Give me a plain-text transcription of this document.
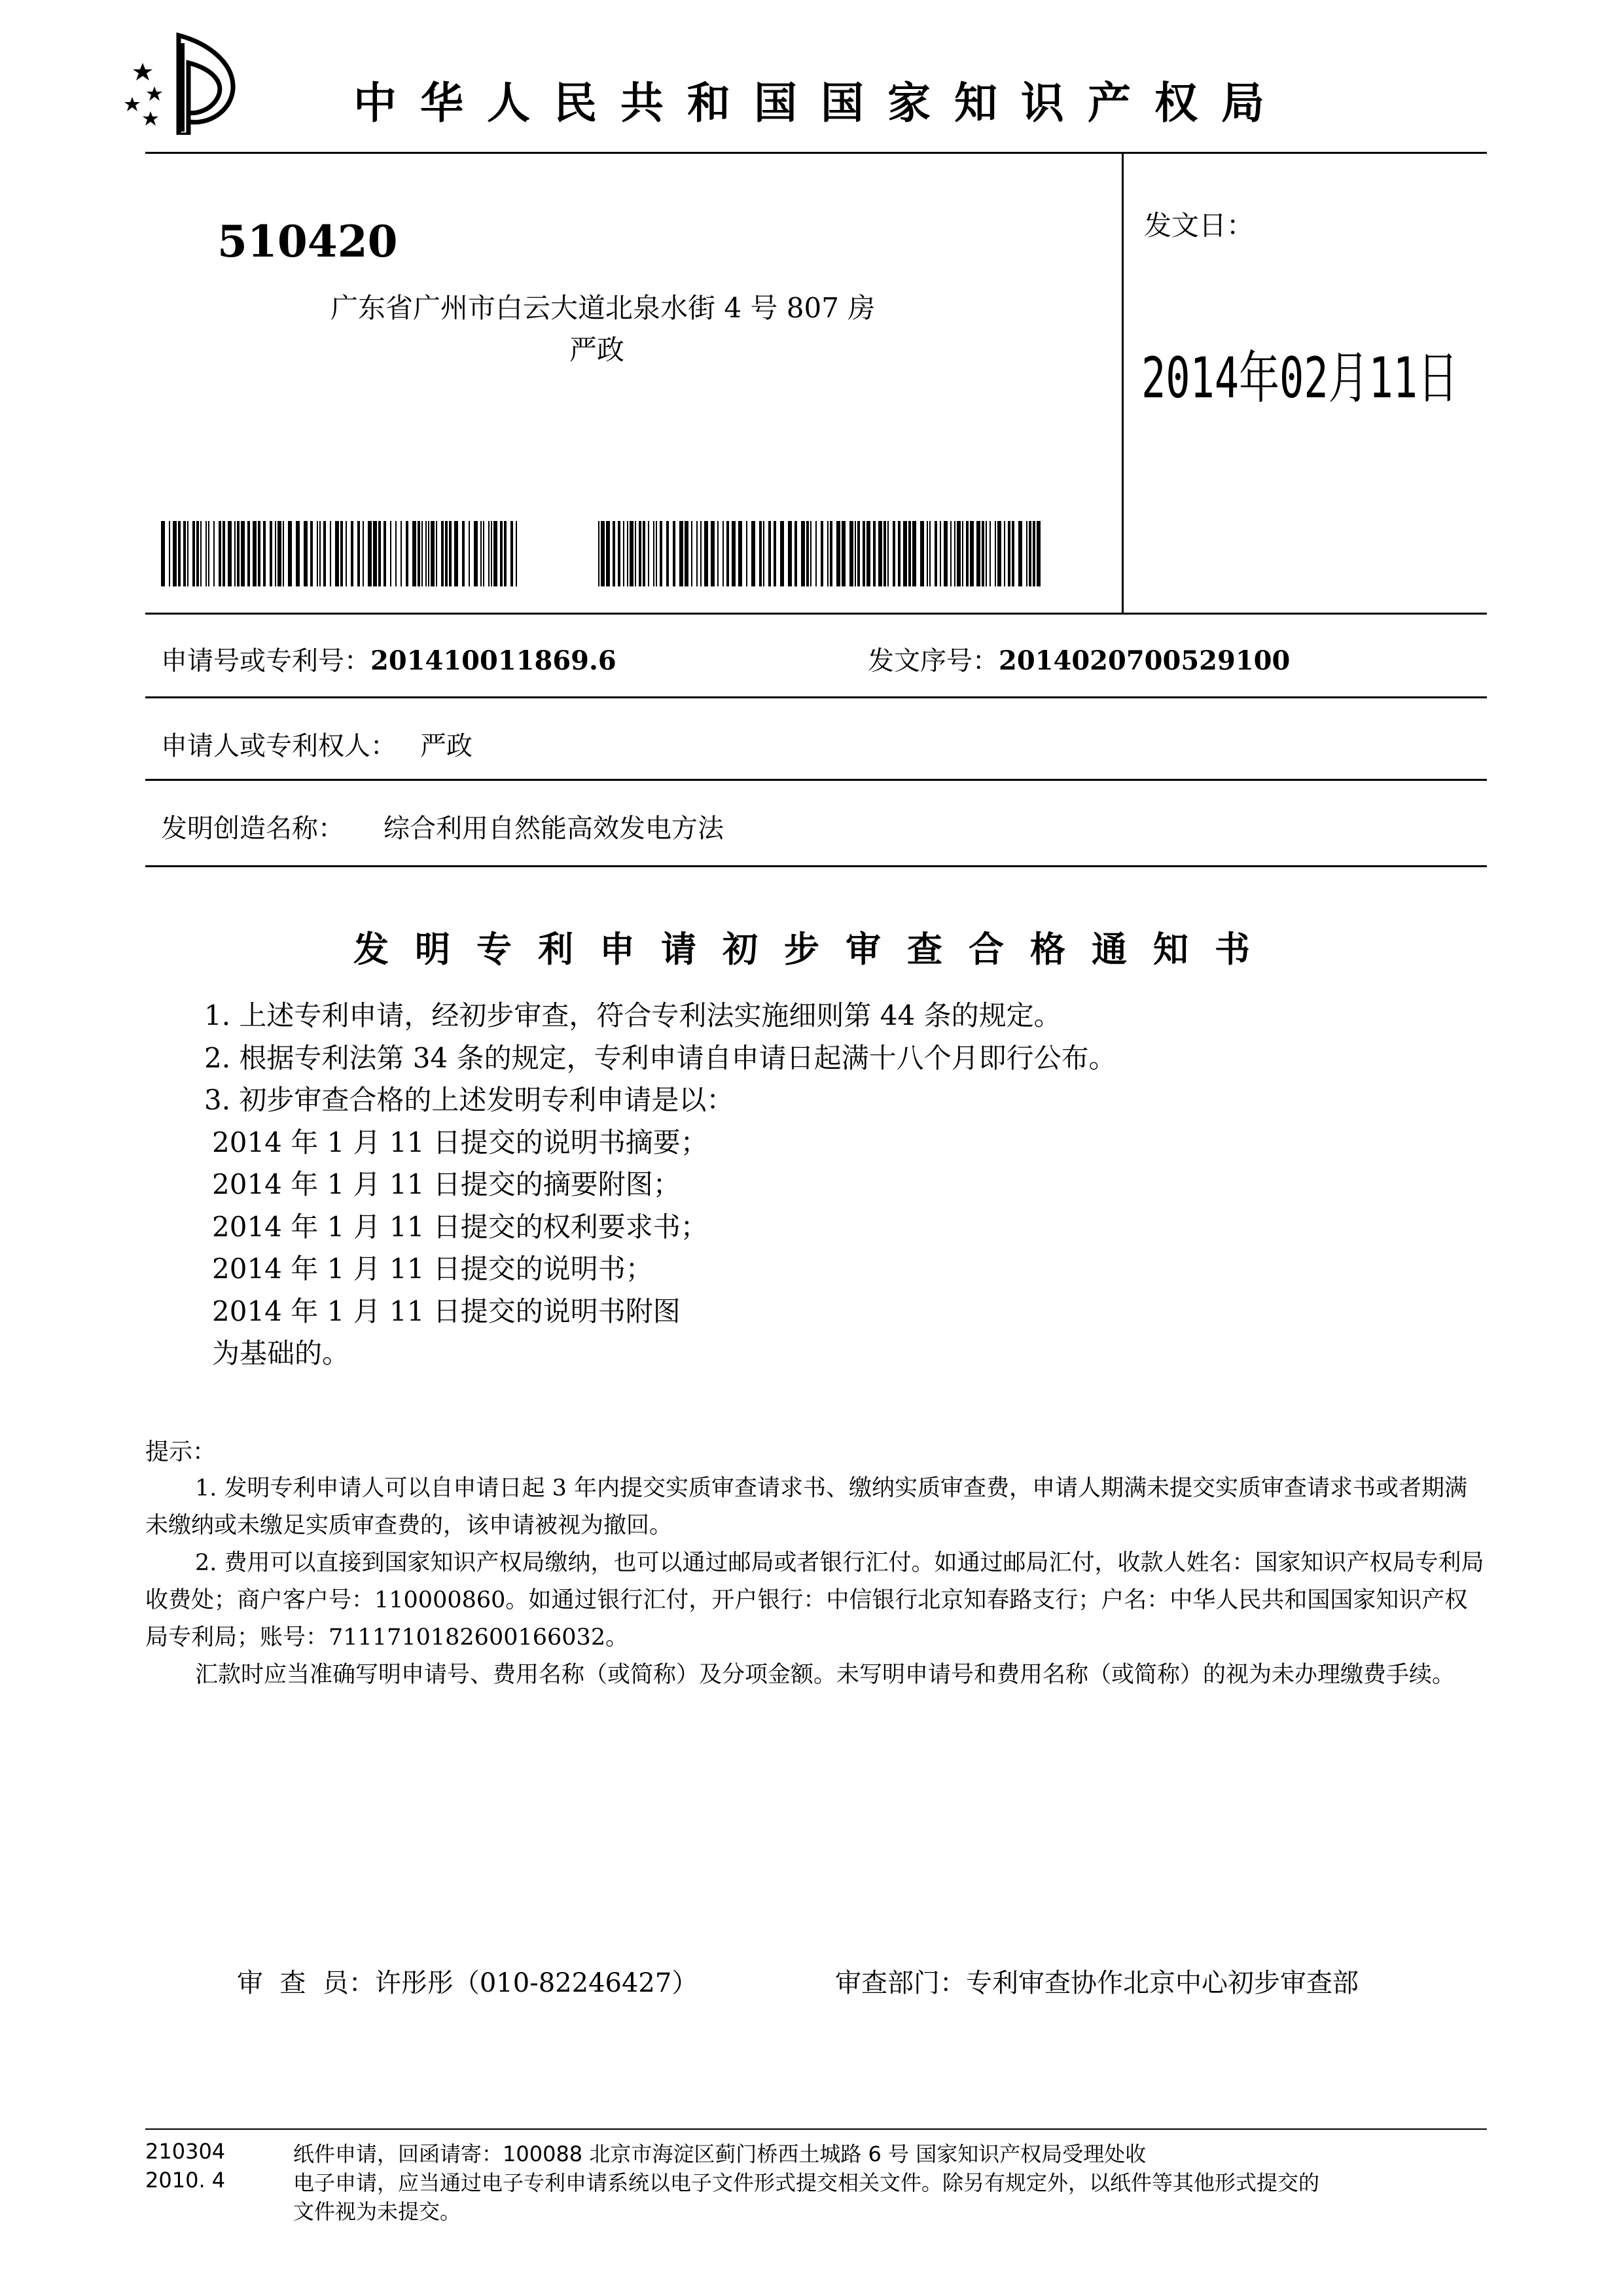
中华人民共和国国家知识产权局
510420
广东省广州市白云大道北泉水街 4 号 807 房
严政
发文日：
2014年02月11日
申请号或专利号：201410011869.6	发文序号：2014020700529100
申请人或专利权人： 严政
发明创造名称： 综合利用自然能高效发电方法
发明专利申请初步审查合格通知书
1. 上述专利申请，经初步审查，符合专利法实施细则第 44 条的规定。
2. 根据专利法第 34 条的规定，专利申请自申请日起满十八个月即行公布。
3. 初步审查合格的上述发明专利申请是以：
2014 年 1 月 11 日提交的说明书摘要；
2014 年 1 月 11 日提交的摘要附图；
2014 年 1 月 11 日提交的权利要求书；
2014 年 1 月 11 日提交的说明书；
2014 年 1 月 11 日提交的说明书附图
为基础的。
提示：

1. 发明专利申请人可以自申请日起 3 年内提交实质审查请求书、缴纳实质审查费，申请人期满未提交实质审查请求书或者期满未缴纳或未缴足实质审查费的，该申请被视为撤回。

2. 费用可以直接到国家知识产权局缴纳，也可以通过邮局或者银行汇付。如通过邮局汇付，收款人姓名：国家知识产权局专利局收费处；商户客户号：110000860。如通过银行汇付，开户银行：中信银行北京知春路支行；户名：中华人民共和国国家知识产权局专利局；账号：7111710182600166032。

汇款时应当准确写明申请号、费用名称（或简称）及分项金额。未写明申请号和费用名称（或简称）的视为未办理缴费手续。

审  查  员：许彤彤（010-82246427）	审查部门：专利审查协作北京中心初步审查部
210304
2010. 4
纸件申请，回函请寄：100088 北京市海淀区蓟门桥西土城路 6 号 国家知识产权局受理处收
电子申请，应当通过电子专利申请系统以电子文件形式提交相关文件。除另有规定外，以纸件等其他形式提交的
文件视为未提交。
